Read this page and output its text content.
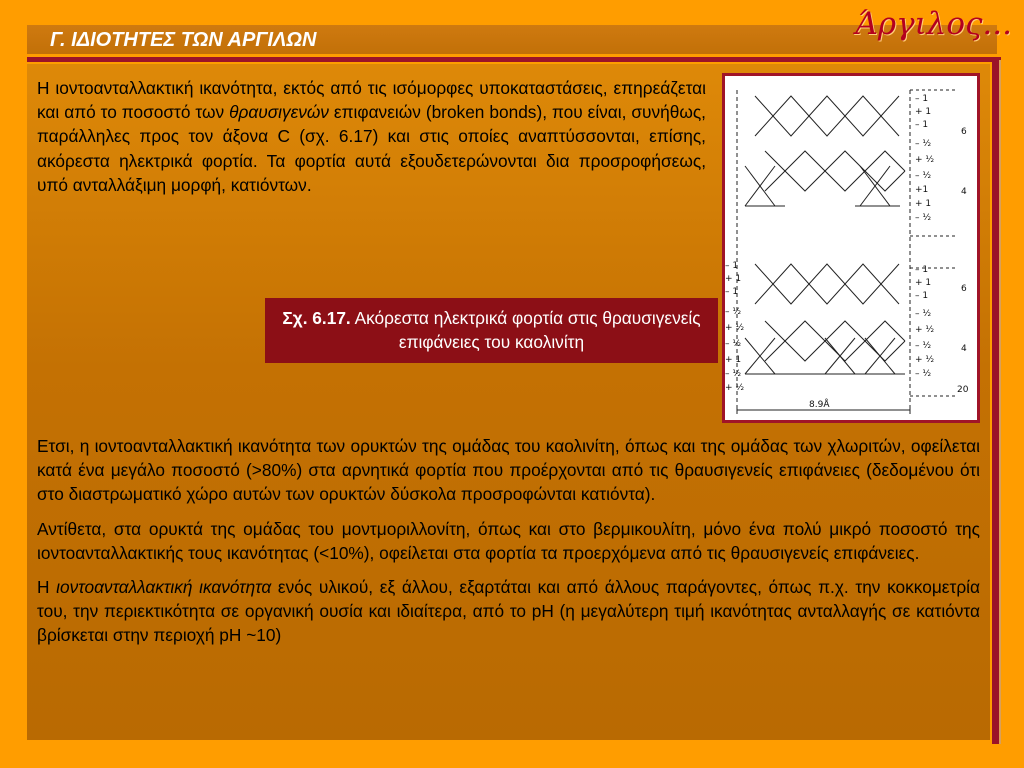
Γ. ΙΔΙΟΤΗΤΕΣ ΤΩΝ ΑΡΓΙΛΩΝ	Άργιλος...
Η ιοντοανταλλακτική ικανότητα, εκτός από τις ισόμορφες υποκαταστάσεις, επηρεάζεται και από το ποσοστό των θραυσιγενών επιφανειών (broken bonds), που είναι, συνήθως, παράλληλες προς τον άξονα C (σχ. 6.17) και στις οποίες αναπτύσσονται, επίσης, ακόρεστα ηλεκτρικά φορτία. Τα φορτία αυτά εξουδετερώνονται δια προσροφήσεως, υπό ανταλλάξιμη μορφή, κατιόντων.
– 1
+ 1
– 1
– ½
+ ½
– ½
+1
+ 1
– ½
6
4
– 1
+ 1
– 1
– ½
+ ½
– ½
+ 1
– ½
+ ½
– 1
+ 1
– 1
– ½
+ ½
– ½
+ ½
– ½
6
4
20
8.9Å
Σχ. 6.17. Ακόρεστα ηλεκτρικά φορτία στις θραυσιγενείς επιφάνειες του καολινίτη

Ετσι, η ιοντοανταλλακτική ικανότητα των ορυκτών της ομάδας του καολινίτη, όπως και της ομάδας των χλωριτών, οφείλεται κατά ένα μεγάλο ποσοστό (>80%) στα αρνητικά φορτία που προέρχονται από τις θραυσιγενείς επιφάνειες (δεδομένου ότι στο διαστρωματικό χώρο αυτών των ορυκτών δύσκολα προσροφώνται κατιόντα).

Αντίθετα, στα ορυκτά της ομάδας του μοντμοριλλονίτη, όπως και στο βερμικουλίτη, μόνο ένα πολύ μικρό ποσοστό της ιοντοανταλλακτικής τους ικανότητας (<10%), οφείλεται στα φορτία τα προερχόμενα από τις θραυσιγενείς επιφάνειες.

Η ιοντοανταλλακτική ικανότητα ενός υλικού, εξ άλλου, εξαρτάται και από άλλους παράγοντες, όπως π.χ. την κοκκομετρία του, την περιεκτικότητα σε οργανική ουσία και ιδιαίτερα, από το pH (η μεγαλύτερη τιμή ικανότητας ανταλλαγής σε κατιόντα βρίσκεται στην περιοχή pH ~10)
